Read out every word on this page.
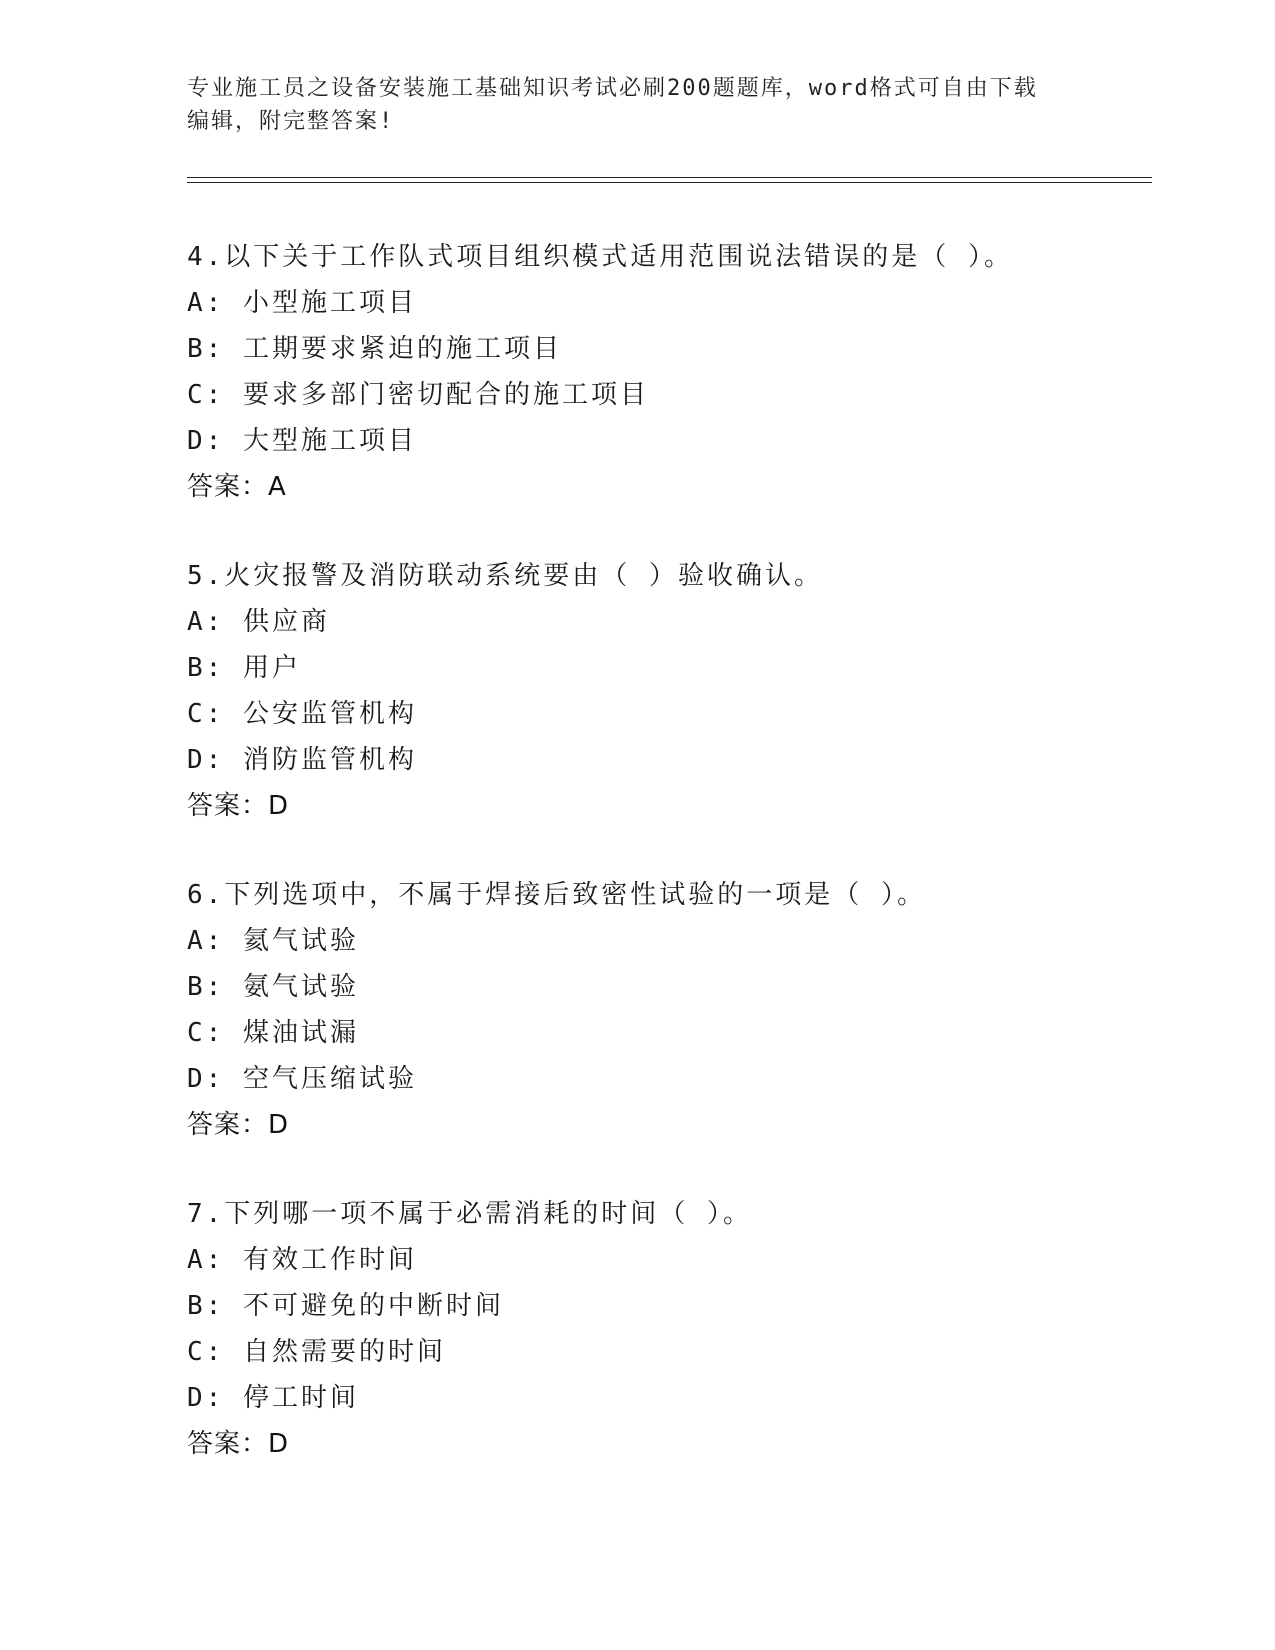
专业施工员之设备安装施工基础知识考试必刷200题题库，word格式可自由下载
编辑，附完整答案!
4.以下关于工作队式项目组织模式适用范围说法错误的是（ ）。
A: 小型施工项目
B: 工期要求紧迫的施工项目
C: 要求多部门密切配合的施工项目
D: 大型施工项目
答案：A
5.火灾报警及消防联动系统要由（ ）验收确认。
A: 供应商
B: 用户
C: 公安监管机构
D: 消防监管机构
答案：D
6.下列选项中，不属于焊接后致密性试验的一项是（ ）。
A: 氦气试验
B: 氨气试验
C: 煤油试漏
D: 空气压缩试验
答案：D
7.下列哪一项不属于必需消耗的时间（ ）。
A: 有效工作时间
B: 不可避免的中断时间
C: 自然需要的时间
D: 停工时间
答案：D
